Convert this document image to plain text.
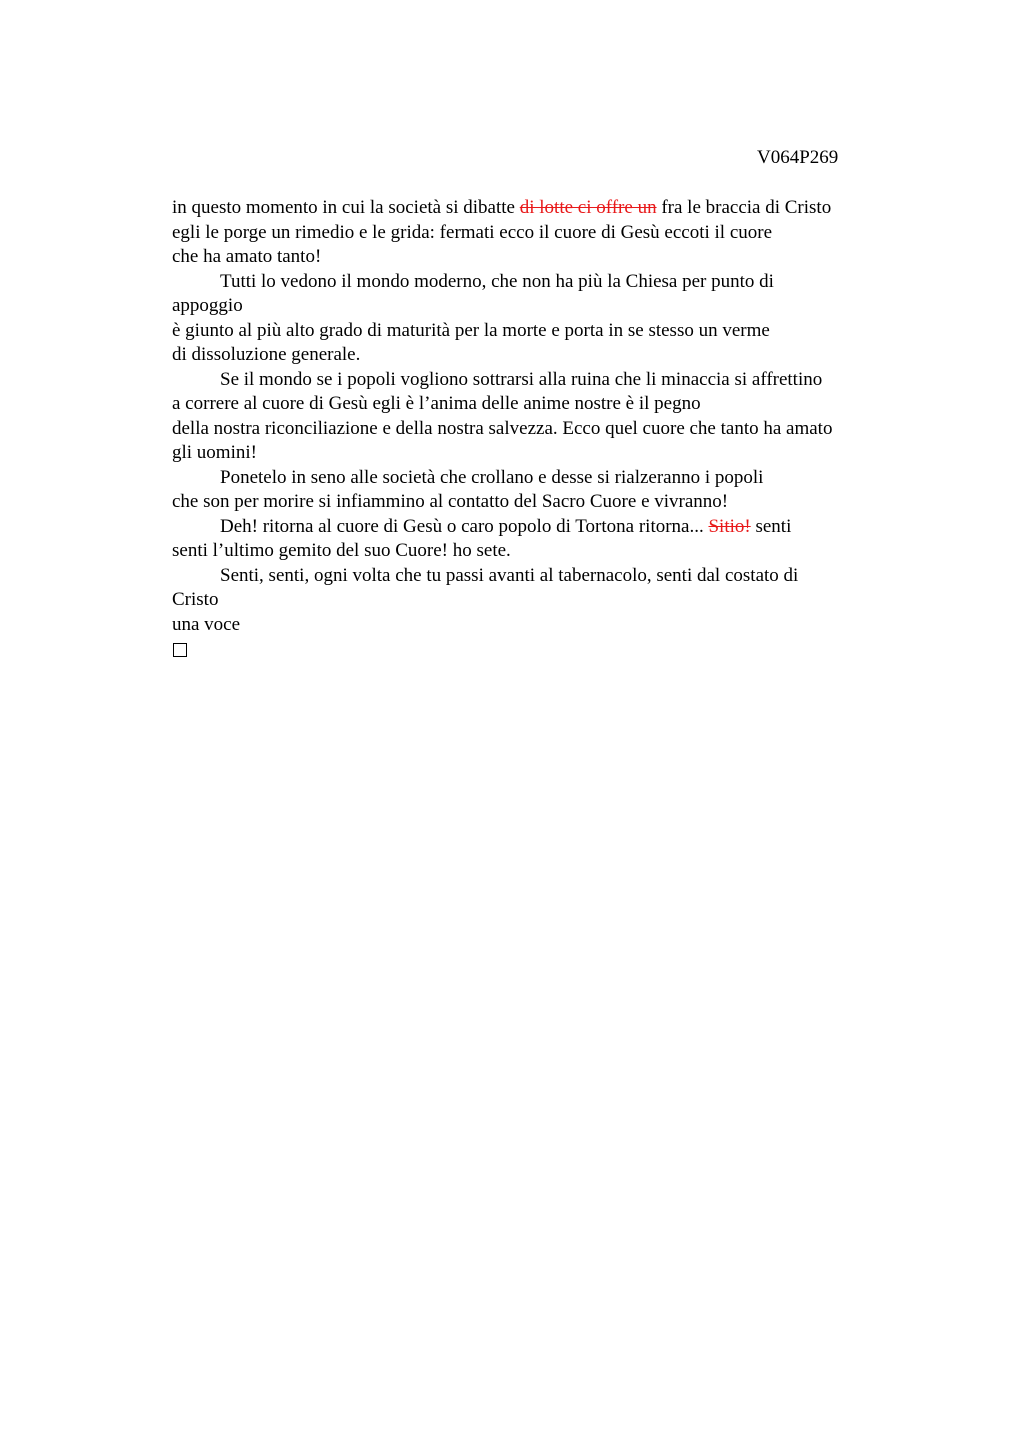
V064P269
in questo momento in cui la società si dibatte di lotte ci offre un fra le braccia di Cristo
egli le porge un rimedio e le grida: fermati ecco il cuore di Gesù eccoti il cuore
che ha amato tanto!
Tutti lo vedono il mondo moderno, che non ha più la Chiesa per punto di
appoggio
è giunto al più alto grado di maturità per la morte e porta in se stesso un verme
di dissoluzione generale.
Se il mondo se i popoli vogliono sottrarsi alla ruina che li minaccia si affrettino
a correre al cuore di Gesù egli è l’anima delle anime nostre è il pegno
della nostra riconciliazione e della nostra salvezza. Ecco quel cuore che tanto ha amato
gli uomini!
Ponetelo in seno alle società che crollano e desse si rialzeranno i popoli
che son per morire si infiammino al contatto del Sacro Cuore e vivranno!
Deh! ritorna al cuore di Gesù o caro popolo di Tortona ritorna... Sitio! senti
senti l’ultimo gemito del suo Cuore! ho sete.
Senti, senti, ogni volta che tu passi avanti al tabernacolo, senti dal costato di
Cristo
una voce
